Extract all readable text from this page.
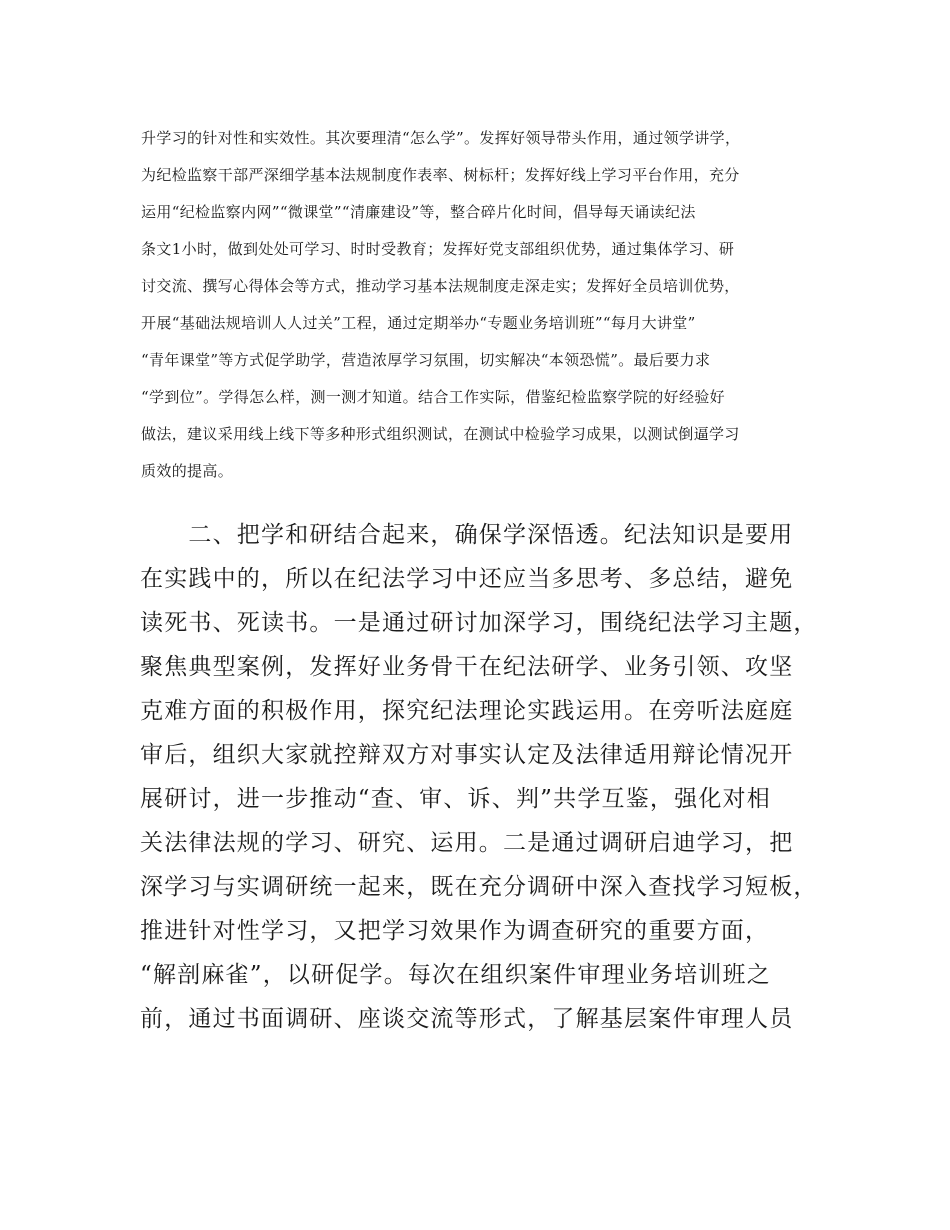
升学习的针对性和实效性。其次要理清“怎么学”。发挥好领导带头作用，通过领学讲学，
为纪检监察干部严深细学基本法规制度作表率、树标杆；发挥好线上学习平台作用，充分
运用“纪检监察内网”“微课堂”“清廉建设”等，整合碎片化时间，倡导每天诵读纪法
条文1小时，做到处处可学习、时时受教育；发挥好党支部组织优势，通过集体学习、研
讨交流、撰写心得体会等方式，推动学习基本法规制度走深走实；发挥好全员培训优势，
开展“基础法规培训人人过关”工程，通过定期举办“专题业务培训班”“每月大讲堂”
“青年课堂”等方式促学助学，营造浓厚学习氛围，切实解决“本领恐慌”。最后要力求
“学到位”。学得怎么样，测一测才知道。结合工作实际，借鉴纪检监察学院的好经验好
做法，建议采用线上线下等多种形式组织测试，在测试中检验学习成果，以测试倒逼学习
质效的提高。
　　二、把学和研结合起来，确保学深悟透。纪法知识是要用
在实践中的，所以在纪法学习中还应当多思考、多总结，避免
读死书、死读书。一是通过研讨加深学习，围绕纪法学习主题，
聚焦典型案例，发挥好业务骨干在纪法研学、业务引领、攻坚
克难方面的积极作用，探究纪法理论实践运用。在旁听法庭庭
审后，组织大家就控辩双方对事实认定及法律适用辩论情况开
展研讨，进一步推动“查、审、诉、判”共学互鉴，强化对相
关法律法规的学习、研究、运用。二是通过调研启迪学习，把
深学习与实调研统一起来，既在充分调研中深入查找学习短板，
推进针对性学习，又把学习效果作为调查研究的重要方面，
“解剖麻雀”，以研促学。每次在组织案件审理业务培训班之
前，通过书面调研、座谈交流等形式，了解基层案件审理人员
